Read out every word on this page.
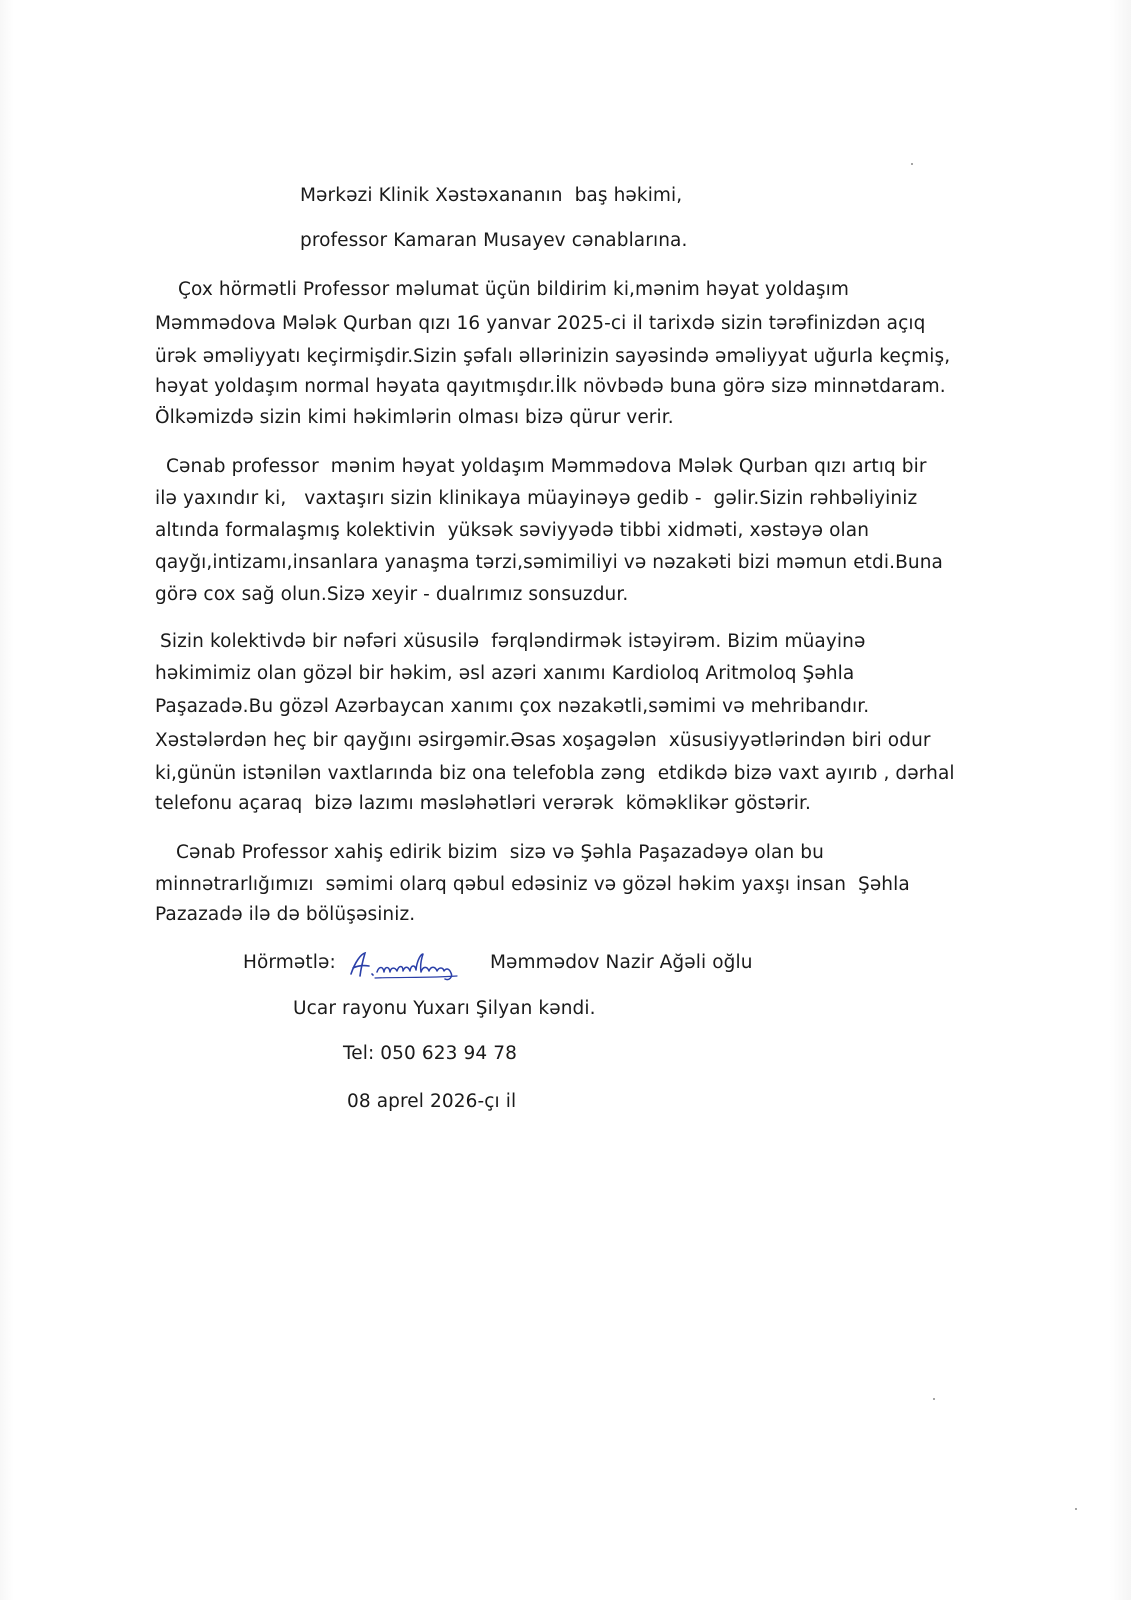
Mərkəzi Klinik Xəstəxananın  baş həkimi,
professor Kamaran Musayev cənablarına.
Çox hörmətli Professor məlumat üçün bildirim ki,mənim həyat yoldaşım
Məmmədova Mələk Qurban qızı 16 yanvar 2025-ci il tarixdə sizin tərəfinizdən açıq
ürək əməliyyatı keçirmişdir.Sizin şəfalı əllərinizin sayəsində əməliyyat uğurla keçmiş,
həyat yoldaşım normal həyata qayıtmışdır.İlk növbədə buna görə sizə minnətdaram.
Ölkəmizdə sizin kimi həkimlərin olması bizə qürur verir.
Cənab professor  mənim həyat yoldaşım Məmmədova Mələk Qurban qızı artıq bir
ilə yaxındır ki,   vaxtaşırı sizin klinikaya müayinəyə gedib -  gəlir.Sizin rəhbəliyiniz
altında formalaşmış kolektivin  yüksək səviyyədə tibbi xidməti, xəstəyə olan
qayğı,intizamı,insanlara yanaşma tərzi,səmimiliyi və nəzakəti bizi məmun etdi.Buna
görə cox sağ olun.Sizə xeyir - dualrımız sonsuzdur.
Sizin kolektivdə bir nəfəri xüsusilə  fərqləndirmək istəyirəm. Bizim müayinə
həkimimiz olan gözəl bir həkim, əsl azəri xanımı Kardioloq Aritmoloq Şəhla
Paşazadə.Bu gözəl Azərbaycan xanımı çox nəzakətli,səmimi və mehribandır.
Xəstələrdən heç bir qayğını əsirgəmir.Əsas xoşagələn  xüsusiyyətlərindən biri odur
ki,günün istənilən vaxtlarında biz ona telefobla zəng  etdikdə bizə vaxt ayırıb , dərhal
telefonu açaraq  bizə lazımı məsləhətləri verərək  köməklikər göstərir.
Cənab Professor xahiş edirik bizim  sizə və Şəhla Paşazadəyə olan bu
minnətrarlığımızı  səmimi olarq qəbul edəsiniz və gözəl həkim yaxşı insan  Şəhla
Pazazadə ilə də bölüşəsiniz.
Hörmətlə:	Məmmədov Nazir Ağəli oğlu
Ucar rayonu Yuxarı Şilyan kəndi.
Tel: 050 623 94 78
08 aprel 2026-çı il
